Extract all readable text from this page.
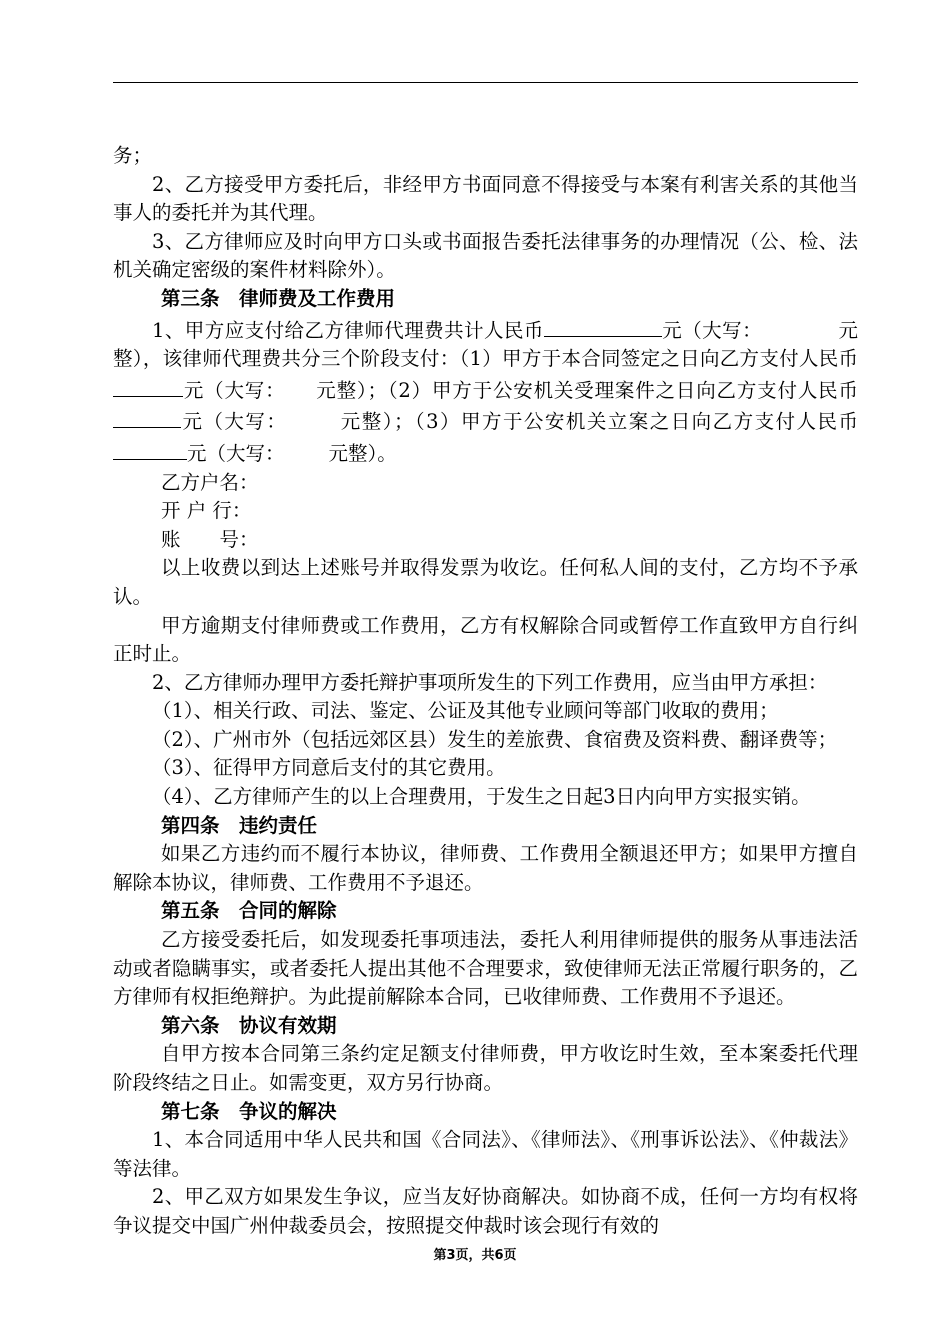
务；

2、乙方接受甲方委托后，非经甲方书面同意不得接受与本案有利害关系的其他当事人的委托并为其代理。

3、乙方律师应及时向甲方口头或书面报告委托法律事务的办理情况（公、检、法机关确定密级的案件材料除外）。

第三条　律师费及工作费用

1、甲方应支付给乙方律师代理费共计人民币	元（大写：	元整），该律师代理费共分三个阶段支付：（1）甲方于本合同签定之日向乙方支付人民币元（大写： 元整）；（2）甲方于公安机关受理案件之日向乙方支付人民币元（大写：	元整）；（3）甲方于公安机关立案之日向乙方支付人民币元（大写： 元整）。

乙方户名：

开 户 行：

账　　号：

以上收费以到达上述账号并取得发票为收讫。任何私人间的支付，乙方均不予承认。

甲方逾期支付律师费或工作费用，乙方有权解除合同或暂停工作直致甲方自行纠正时止。

2、乙方律师办理甲方委托辩护事项所发生的下列工作费用，应当由甲方承担：

（1）、相关行政、司法、鉴定、公证及其他专业顾问等部门收取的费用；

（2）、广州市外（包括远郊区县）发生的差旅费、食宿费及资料费、翻译费等；

（3）、征得甲方同意后支付的其它费用。

（4）、乙方律师产生的以上合理费用，于发生之日起3日内向甲方实报实销。

第四条　违约责任

如果乙方违约而不履行本协议，律师费、工作费用全额退还甲方；如果甲方擅自解除本协议，律师费、工作费用不予退还。

第五条　合同的解除

乙方接受委托后，如发现委托事项违法，委托人利用律师提供的服务从事违法活动或者隐瞒事实，或者委托人提出其他不合理要求，致使律师无法正常履行职务的，乙方律师有权拒绝辩护。为此提前解除本合同，已收律师费、工作费用不予退还。

第六条　协议有效期

自甲方按本合同第三条约定足额支付律师费，甲方收讫时生效，至本案委托代理阶段终结之日止。如需变更，双方另行协商。

第七条　争议的解决

1、本合同适用中华人民共和国《合同法》、《律师法》、《刑事诉讼法》、《仲裁法》等法律。

2、甲乙双方如果发生争议，应当友好协商解决。如协商不成，任何一方均有权将争议提交中国广州仲裁委员会，按照提交仲裁时该会现行有效的

第3页，共6页
